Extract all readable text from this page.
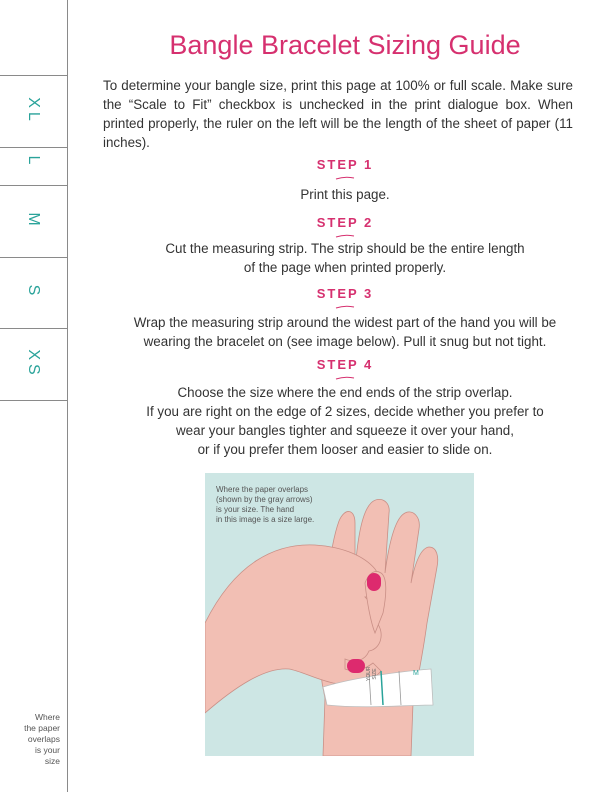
XL
L
M
S
XS
Where
the paper
overlaps
is your
size
Bangle Bracelet Sizing Guide

To determine your bangle size, print this page at 100% or full scale. Make sure the “Scale to Fit” checkbox is unchecked in the print dialogue box. When printed properly, the ruler on the left will be the length of the sheet of paper (11 inches).

STEP 1
Print this page.
STEP 2
Cut the measuring strip. The strip should be the entire length
of the page when printed properly.
STEP 3
Wrap the measuring strip around the widest part of the hand you will be
wearing the bracelet on (see image below). Pull it snug but not tight.
STEP 4
Choose the size where the end ends of the strip overlap.
If you are right on the edge of 2 sizes, decide whether you prefer to
wear your bangles tighter and squeeze it over your hand,
or if you prefer them looser and easier to slide on.
Where the paper overlaps
(shown by the gray arrows)
is your size. The hand
in this image is a size large.
YOUR SIZE	M
